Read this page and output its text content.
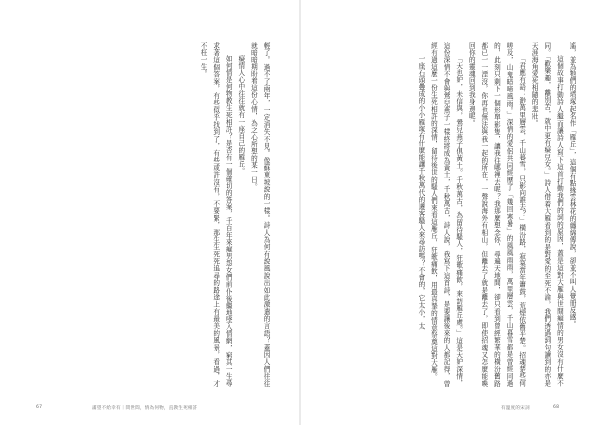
輕了。過不了兩年，一定消失不見。像蘇東坡說的一樣。詩人為何有說風說出如此激遣的言語？蓋因人們往往就暗暗期盼着這份心情，為之心所想的某一日。

癡情人心中往往就有一座自己的雁丘。

如何情是何物教生死相許？是否有一個確切的答案，千百年來癡男怨女們前仆後繼地墜入情網，窮其一生尋求著這個答案，有些似乎找到了，有些或許沒有，不要緊，那生生死死追尋的路途上有最美的風景，看過，才不枉一生。

67	滿望不給幸有｜問世間，情為何物，直教生死相許

遙，並為牠們的墳塚起名作「雁丘」，這個有點緣雲林花的纏綿傳說，卻並不叫人覺冊反感。

這個故事打動詩人繼而讓詩人寫下這首打動我們的詞的原因，蓋是這對大雁與世間癡情的男女沒有什麼不同。「歡樂趣，離別苦，就中更有癡兒女。」詩人借着大雁看到的是對愛的至死不渝，我們透過詞句讀到的亦是天涯海角愛死相隨的悲壯。

「君應有語：渺萬里層雲，千山暮雪，只影向誰去？」橫汾路，寂寞當年簫鼓，荒煙依舊平楚。招魂楚些何嗟及，山鬼暗啼風雨。」深情的愛侶共同經歷了「幾回寒暑」的風風雨雨，萬里層雲，千山暮雪都是曾經同過的，此刻只剩下一個形單影隻，讓我往哪裡去呢？我那麼想念你，尋遍天地間，卻只看到曾經繁華的橫汾舊路都已一一湮沒，你再也無法與我一起的所在，一聲說海外有相山，但離去了就是離去了，即使招魂又怎麼能喚回你的靈魂回到我身邊呢。

「天也妒，未信與，鶯兒燕子俱黃土。千秋萬古，為留待騷人，狂歌痛飲，來訪雁丘處。」這是天妒深情，這份深情不會與鶯兒燕子一樣終將成為黃土，千秋萬古，詩人說，我寫下這首詩，是要讓後來的人都記得，曾經有過這麼一份生死相許的深情，留待後世的騷人們來看這雁丘，狂歌痛飲，用最真摯的情意祭奠這對大雁。

一座石頭疊成的小小雁塚有什麼能讓千秋萬代的遷客騷人來尋訪嗎？不會的，它太小，太

有溫度的宋詞	68
